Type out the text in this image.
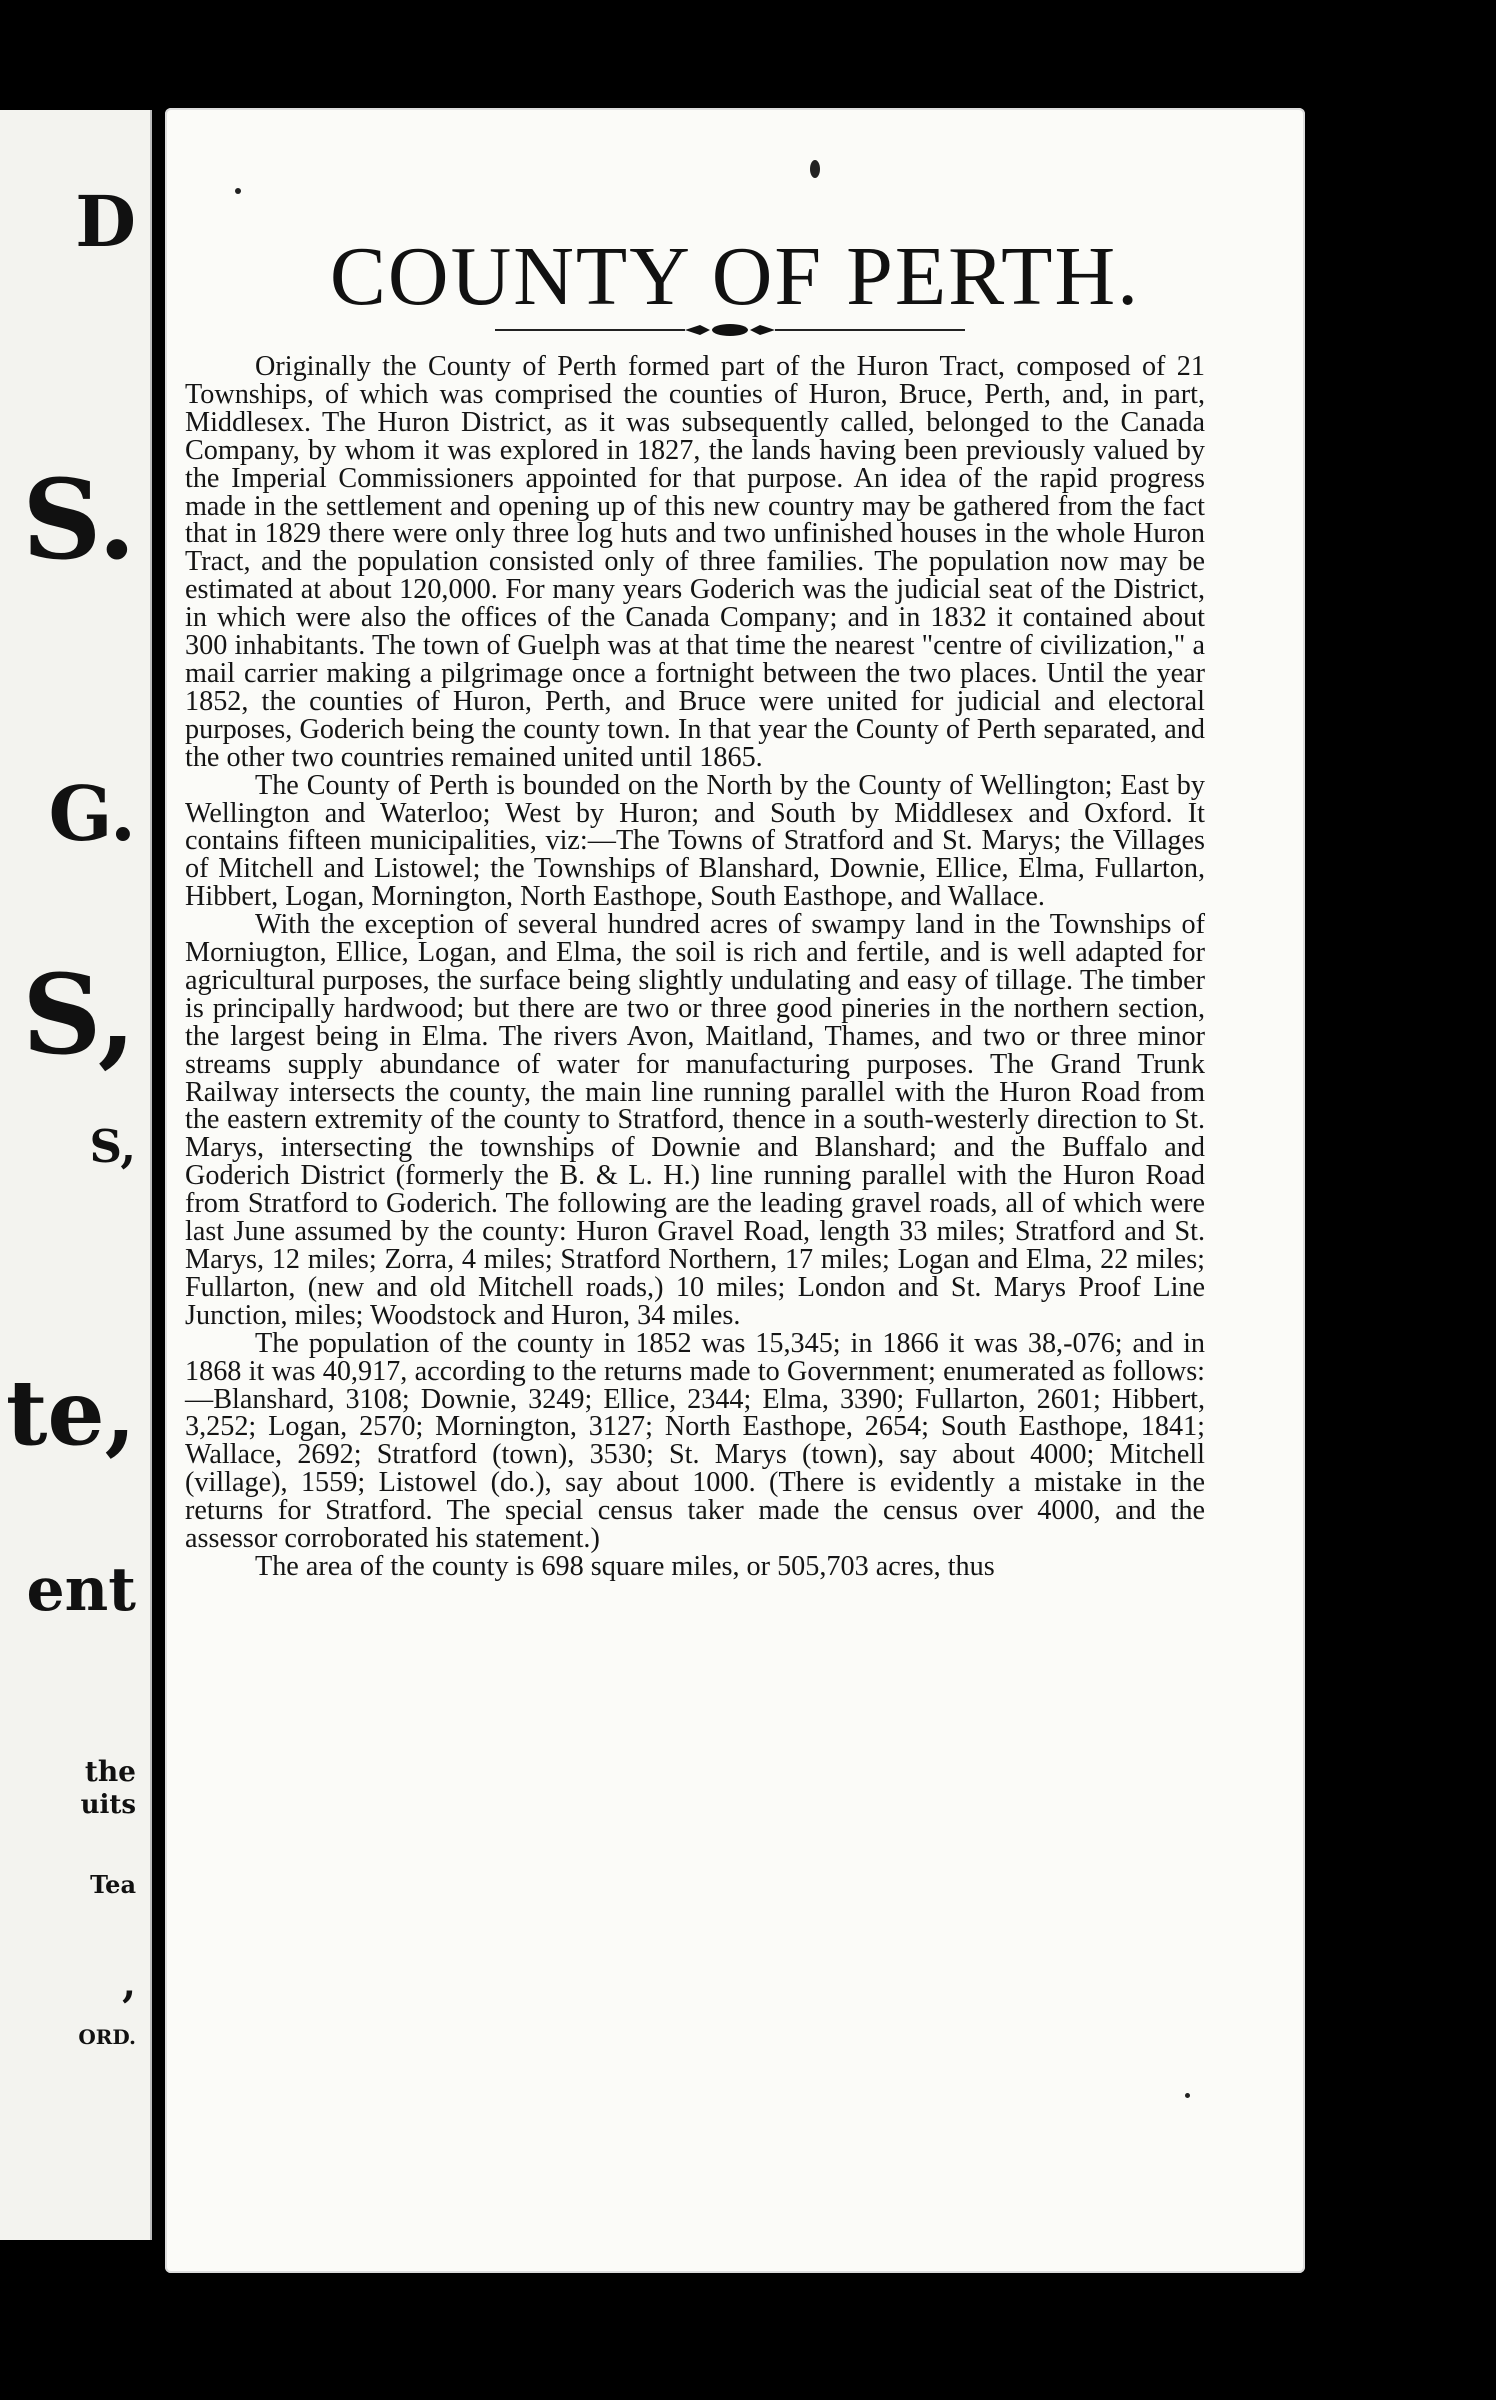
D
S.
G.
S,
S,
te,
ent
the
uits
Tea
,
ORD.
COUNTY OF PERTH.

Originally the County of Perth formed part of the Huron Tract, composed of 21 Townships, of which was comprised the counties of Huron, Bruce, Perth, and, in part, Middlesex. The Huron District, as it was subsequently called, belonged to the Canada Company, by whom it was explored in 1827, the lands having been previously valued by the Imperial Commissioners appointed for that purpose. An idea of the rapid progress made in the settlement and opening up of this new country may be gathered from the fact that in 1829 there were only three log huts and two unfinished houses in the whole Huron Tract, and the population consisted only of three families. The population now may be estimated at about 120,000. For many years Goderich was the judicial seat of the District, in which were also the offices of the Canada Company; and in 1832 it contained about 300 inhabitants. The town of Guelph was at that time the nearest "centre of civilization," a mail carrier making a pilgrimage once a fortnight between the two places. Until the year 1852, the counties of Huron, Perth, and Bruce were united for judicial and electoral purposes, Goderich being the county town. In that year the County of Perth separated, and the other two countries remained united until 1865.

The County of Perth is bounded on the North by the County of Wellington; East by Wellington and Waterloo; West by Huron; and South by Middlesex and Oxford. It contains fifteen municipalities, viz:—The Towns of Stratford and St. Marys; the Villages of Mitchell and Listowel; the Townships of Blanshard, Downie, Ellice, Elma, Fullarton, Hibbert, Logan, Mornington, North Easthope, South Easthope, and Wallace.

With the exception of several hundred acres of swampy land in the Townships of Morniugton, Ellice, Logan, and Elma, the soil is rich and fertile, and is well adapted for agricultural purposes, the surface being slightly undulating and easy of tillage. The timber is principally hardwood; but there are two or three good pineries in the northern section, the largest being in Elma. The rivers Avon, Maitland, Thames, and two or three minor streams supply abundance of water for manufacturing purposes. The Grand Trunk Railway intersects the county, the main line running parallel with the Huron Road from the eastern extremity of the county to Stratford, thence in a south-westerly direction to St. Marys, intersecting the townships of Downie and Blanshard; and the Buffalo and Goderich District (formerly the B. & L. H.) line running parallel with the Huron Road from Stratford to Goderich. The following are the leading gravel roads, all of which were last June assumed by the county: Huron Gravel Road, length 33 miles; Stratford and St. Marys, 12 miles; Zorra, 4 miles; Stratford Northern, 17 miles; Logan and Elma, 22 miles; Fullarton, (new and old Mitchell roads,) 10 miles; London and St. Marys Proof Line Junction, miles; Woodstock and Huron, 34 miles.

The population of the county in 1852 was 15,345; in 1866 it was 38,-076; and in 1868 it was 40,917, according to the returns made to Government; enumerated as follows:—Blanshard, 3108; Downie, 3249; Ellice, 2344; Elma, 3390; Fullarton, 2601; Hibbert, 3,252; Logan, 2570; Mornington, 3127; North Easthope, 2654; South Easthope, 1841; Wallace, 2692; Stratford (town), 3530; St. Marys (town), say about 4000; Mitchell (village), 1559; Listowel (do.), say about 1000. (There is evidently a mistake in the returns for Stratford. The special census taker made the census over 4000, and the assessor corroborated his statement.)

The area of the county is 698 square miles, or 505,703 acres, thus
